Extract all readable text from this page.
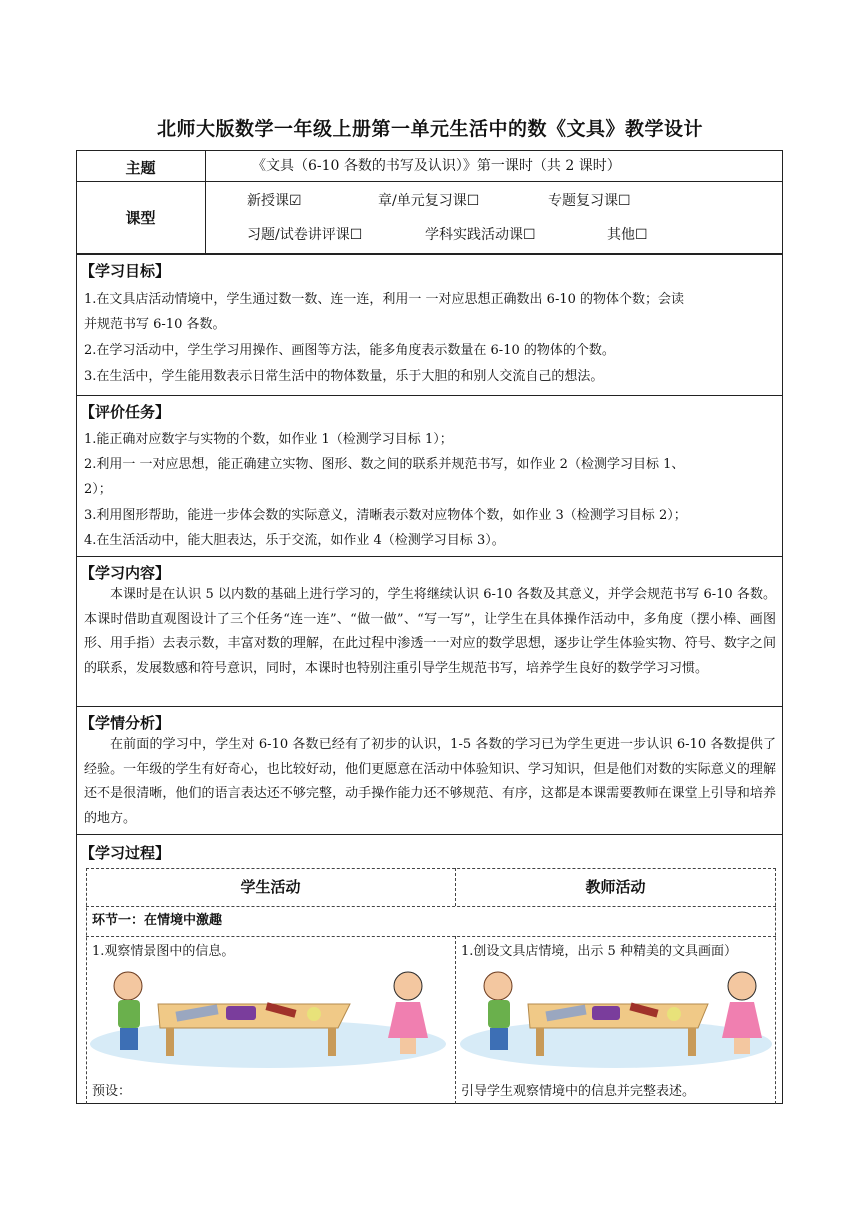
北师大版数学一年级上册第一单元生活中的数《文具》教学设计
主题	《文具（6-10 各数的书写及认识）》第一课时（共 2 课时）
课型
新授课☑	章/单元复习课☐	专题复习课☐
习题/试卷讲评课☐	学科实践活动课☐	其他☐
【学习目标】
1.在文具店活动情境中，学生通过数一数、连一连，利用一 一对应思想正确数出 6-10 的物体个数；会读
并规范书写 6-10 各数。
2.在学习活动中，学生学习用操作、画图等方法，能多角度表示数量在 6-10 的物体的个数。
3.在生活中，学生能用数表示日常生活中的物体数量，乐于大胆的和别人交流自己的想法。
【评价任务】
1.能正确对应数字与实物的个数，如作业 1（检测学习目标 1）；
2.利用一 一对应思想，能正确建立实物、图形、数之间的联系并规范书写，如作业 2（检测学习目标 1、
2）；
3.利用图形帮助，能进一步体会数的实际意义，清晰表示数对应物体个数，如作业 3（检测学习目标 2）；
4.在生活活动中，能大胆表达，乐于交流，如作业 4（检测学习目标 3）。
【学习内容】
本课时是在认识 5 以内数的基础上进行学习的，学生将继续认识 6-10 各数及其意义，并学会规范书写 6-10 各数。本课时借助直观图设计了三个任务“连一连”、“做一做”、“写一写”，让学生在具体操作活动中，多角度（摆小棒、画图形、用手指）去表示数，丰富对数的理解，在此过程中渗透一一对应的数学思想，逐步让学生体验实物、符号、数字之间的联系，发展数感和符号意识，同时，本课时也特别注重引导学生规范书写，培养学生良好的数学学习习惯。
【学情分析】
在前面的学习中，学生对 6-10 各数已经有了初步的认识，1-5 各数的学习已为学生更进一步认识 6-10 各数提供了经验。一年级的学生有好奇心，也比较好动，他们更愿意在活动中体验知识、学习知识，但是他们对数的实际意义的理解还不是很清晰，他们的语言表达还不够完整，动手操作能力还不够规范、有序，这都是本课需要教师在课堂上引导和培养的地方。
【学习过程】
学生活动	教师活动
环节一：在情境中激趣
1.观察情景图中的信息。	1.创设文具店情境，出示 5 种精美的文具画面）
预设：	引导学生观察情境中的信息并完整表述。
